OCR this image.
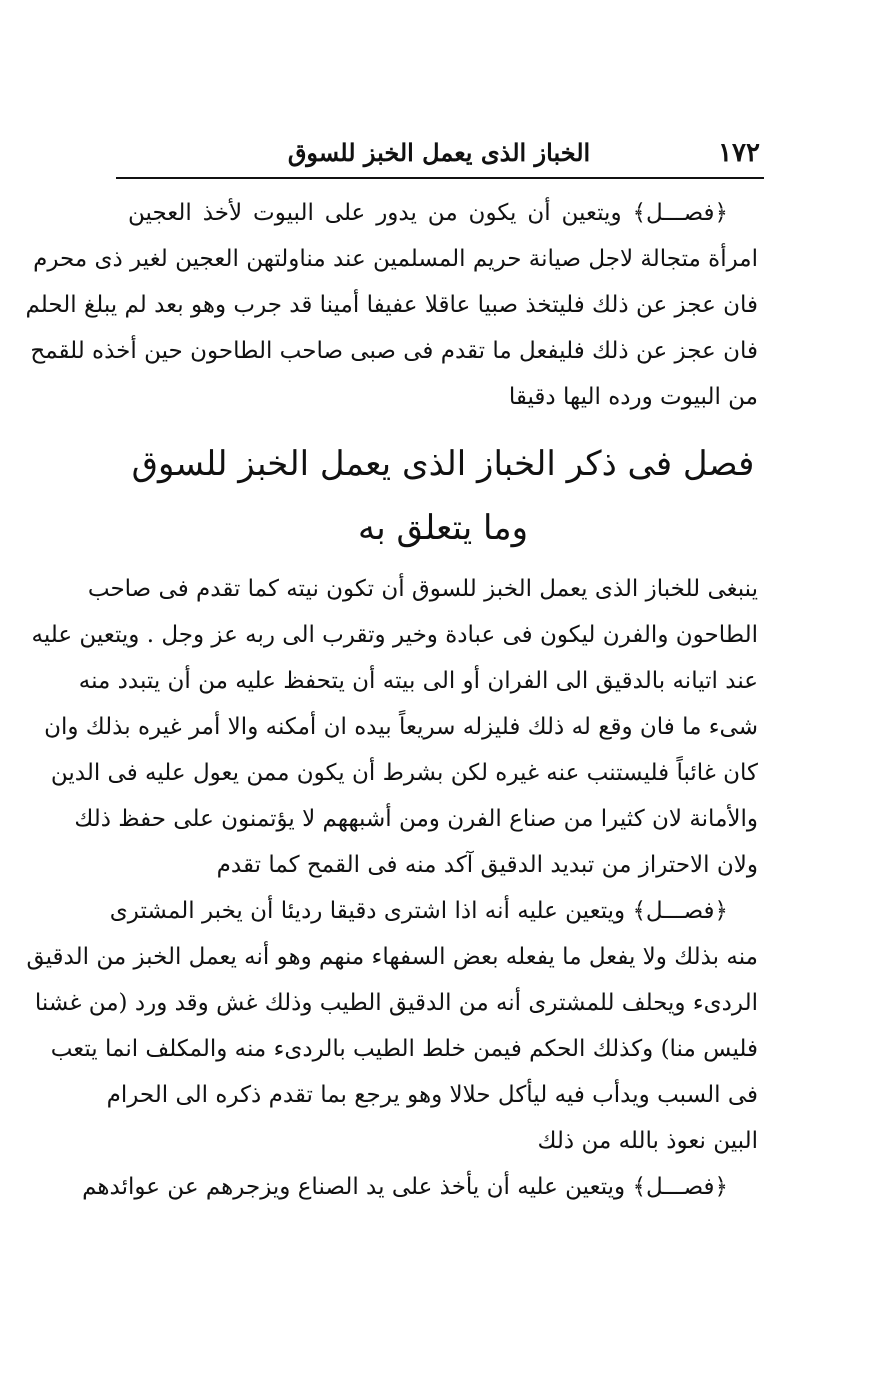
١٧٢
الخباز الذى يعمل الخبز للسوق
﴿فصـــل﴾ ويتعين أن يكون من يدور على البيوت لأخذ العجين
امرأة متجالة لاجل صيانة حريم المسلمين عند مناولتهن العجين لغير ذى محرم
فان عجز عن ذلك فليتخذ صبيا عاقلا عفيفا أمينا قد جرب وهو بعد لم يبلغ الحلم
فان عجز عن ذلك فليفعل ما تقدم فى صبى صاحب الطاحون حين أخذه للقمح
من البيوت ورده اليها دقيقا
فصل فى ذكر الخباز الذى يعمل الخبز للسوق
وما يتعلق به
ينبغى للخباز الذى يعمل الخبز للسوق أن تكون نيته كما تقدم فى صاحب
الطاحون والفرن ليكون فى عبادة وخير وتقرب الى ربه عز وجل . ويتعين عليه
عند اتيانه بالدقيق الى الفران أو الى بيته أن يتحفظ عليه من أن يتبدد منه
شىء ما فان وقع له ذلك فليزله سريعاً بيده ان أمكنه والا أمر غيره بذلك وان
كان غائباً فليستنب عنه غيره لكن بشرط أن يكون ممن يعول عليه فى الدين
والأمانة لان كثيرا من صناع الفرن ومن أشبههم لا يؤتمنون على حفظ ذلك
ولان الاحتراز من تبديد الدقيق آكد منه فى القمح كما تقدم
﴿فصـــل﴾ ويتعين عليه أنه اذا اشترى دقيقا رديئا أن يخبر المشترى
منه بذلك ولا يفعل ما يفعله بعض السفهاء منهم وهو أنه يعمل الخبز من الدقيق
الردىء ويحلف للمشترى أنه من الدقيق الطيب وذلك غش وقد ورد (من غشنا
فليس منا) وكذلك الحكم فيمن خلط الطيب بالردىء منه والمكلف انما يتعب
فى السبب ويدأب فيه ليأكل حلالا وهو يرجع بما تقدم ذكره الى الحرام
البين نعوذ بالله من ذلك
﴿فصـــل﴾ ويتعين عليه أن يأخذ على يد الصناع ويزجرهم عن عوائدهم
